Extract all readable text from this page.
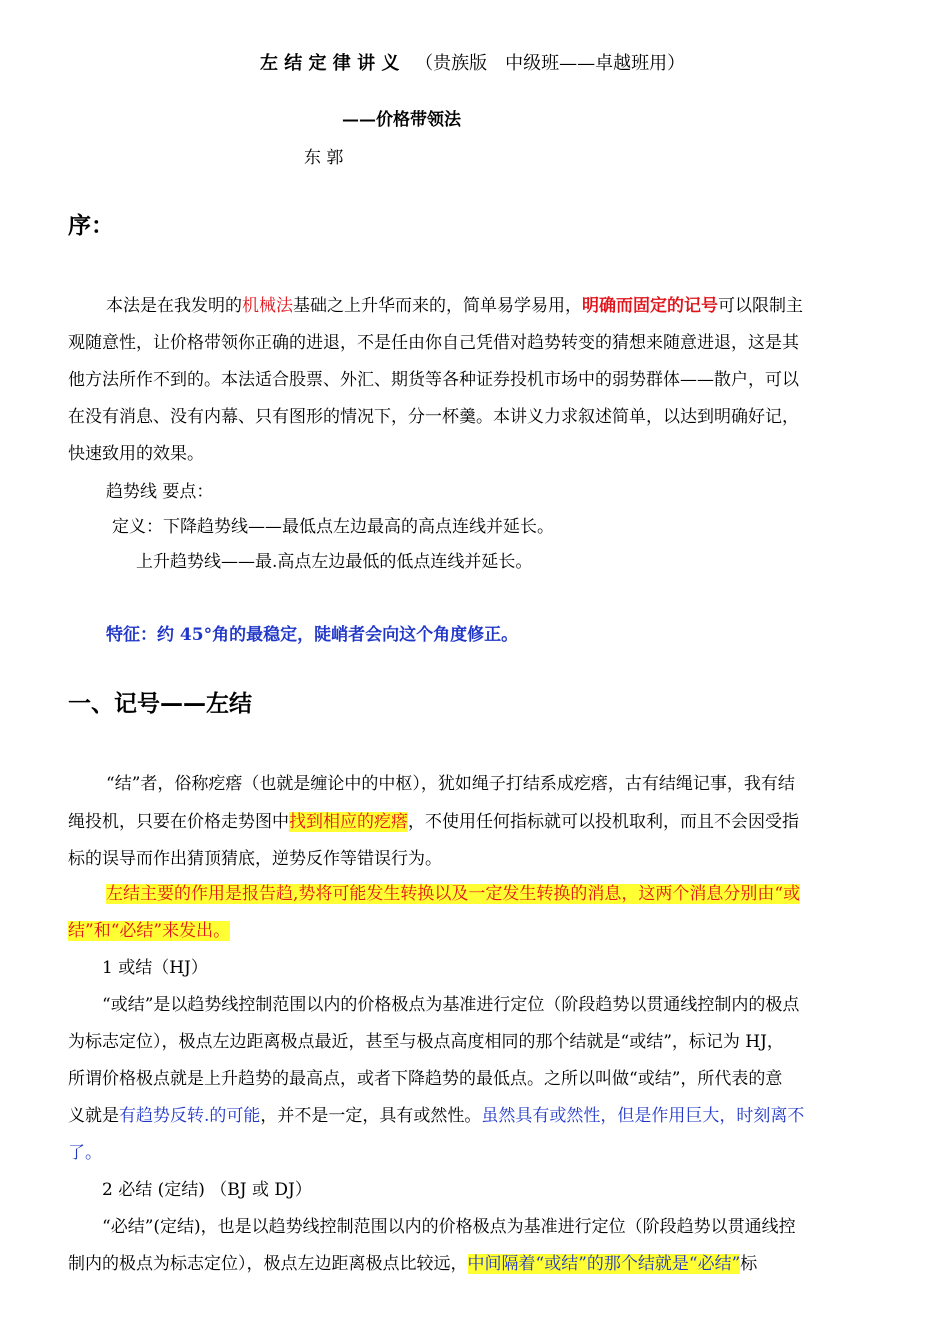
左 结 定 律 讲 义 （贵族版　中级班——卓越班用）
——价格带领法
东 郭
序：
本法是在我发明的机械法基础之上升华而来的，简单易学易用，明确而固定的记号可以限制主
观随意性，让价格带领你正确的进退，不是任由你自己凭借对趋势转变的猜想来随意进退，这是其
他方法所作不到的。本法适合股票、外汇、期货等各种证券投机市场中的弱势群体——散户，可以
在没有消息、没有内幕、只有图形的情况下，分一杯羹。本讲义力求叙述简单，以达到明确好记，
快速致用的效果。
趋势线 要点：
定义：下降趋势线——最低点左边最高的高点连线并延长。
上升趋势线——最.高点左边最低的低点连线并延长。
特征：约 45°角的最稳定，陡峭者会向这个角度修正。
一、记号——左结
“结”者，俗称疙瘩（也就是缠论中的中枢），犹如绳子打结系成疙瘩，古有结绳记事，我有结
绳投机，只要在价格走势图中找到相应的疙瘩，不使用任何指标就可以投机取利，而且不会因受指
标的误导而作出猜顶猜底，逆势反作等错误行为。
左结主要的作用是报告趋,势将可能发生转换以及一定发生转换的消息，这两个消息分别由“或
结”和“必结”来发出。
1 或结（HJ）
“或结”是以趋势线控制范围以内的价格极点为基准进行定位（阶段趋势以贯通线控制内的极点
为标志定位），极点左边距离极点最近，甚至与极点高度相同的那个结就是“或结”，标记为 HJ，
所谓价格极点就是上升趋势的最高点，或者下降趋势的最低点。之所以叫做“或结”，所代表的意
义就是有趋势反转.的可能，并不是一定，具有或然性。虽然具有或然性，但是作用巨大，时刻离不
了。
2 必结 (定结) （BJ 或 DJ）
“必结”(定结)，也是以趋势线控制范围以内的价格极点为基准进行定位（阶段趋势以贯通线控
制内的极点为标志定位），极点左边距离极点比较远，中间隔着“或结”的那个结就是“必结”标
